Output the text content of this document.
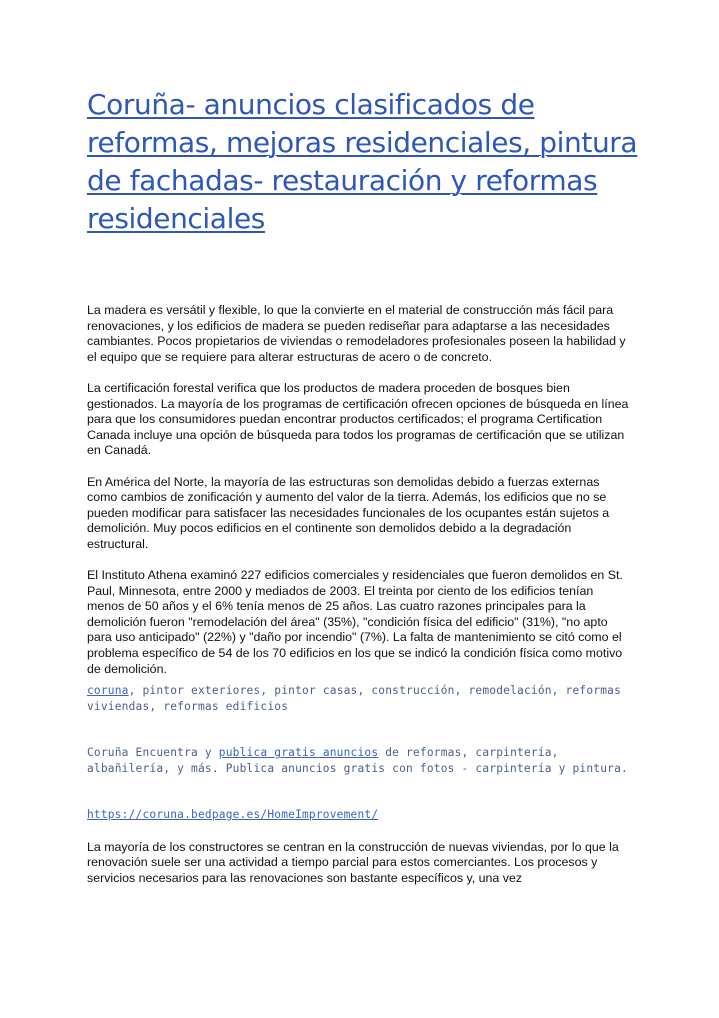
Coruña- anuncios clasificados de reformas, mejoras residenciales, pintura de fachadas- restauración y reformas residenciales

La madera es versátil y flexible, lo que la convierte en el material de construcción más fácil para renovaciones, y los edificios de madera se pueden rediseñar para adaptarse a las necesidades cambiantes. Pocos propietarios de viviendas o remodeladores profesionales poseen la habilidad y el equipo que se requiere para alterar estructuras de acero o de concreto.

La certificación forestal verifica que los productos de madera proceden de bosques bien gestionados. La mayoría de los programas de certificación ofrecen opciones de búsqueda en línea para que los consumidores puedan encontrar productos certificados; el programa Certification Canada incluye una opción de búsqueda para todos los programas de certificación que se utilizan en Canadá.

En América del Norte, la mayoría de las estructuras son demolidas debido a fuerzas externas como cambios de zonificación y aumento del valor de la tierra. Además, los edificios que no se pueden modificar para satisfacer las necesidades funcionales de los ocupantes están sujetos a demolición. Muy pocos edificios en el continente son demolidos debido a la degradación estructural.

El Instituto Athena examinó 227 edificios comerciales y residenciales que fueron demolidos en St. Paul, Minnesota, entre 2000 y mediados de 2003. El treinta por ciento de los edificios tenían menos de 50 años y el 6% tenía menos de 25 años. Las cuatro razones principales para la demolición fueron "remodelación del área" (35%), "condición física del edificio" (31%), "no apto para uso anticipado" (22%) y "daño por incendio" (7%). La falta de mantenimiento se citó como el problema específico de 54 de los 70 edificios en los que se indicó la condición física como motivo de demolición.

coruna, pintor exteriores, pintor casas, construcción, remodelación, reformas viviendas, reformas edificios

Coruña Encuentra y publica gratis anuncios de reformas, carpintería, albañilería, y más. Publica anuncios gratis con fotos - carpintería y pintura.

https://coruna.bedpage.es/HomeImprovement/

La mayoría de los constructores se centran en la construcción de nuevas viviendas, por lo que la renovación suele ser una actividad a tiempo parcial para estos comerciantes. Los procesos y servicios necesarios para las renovaciones son bastante específicos y, una vez
